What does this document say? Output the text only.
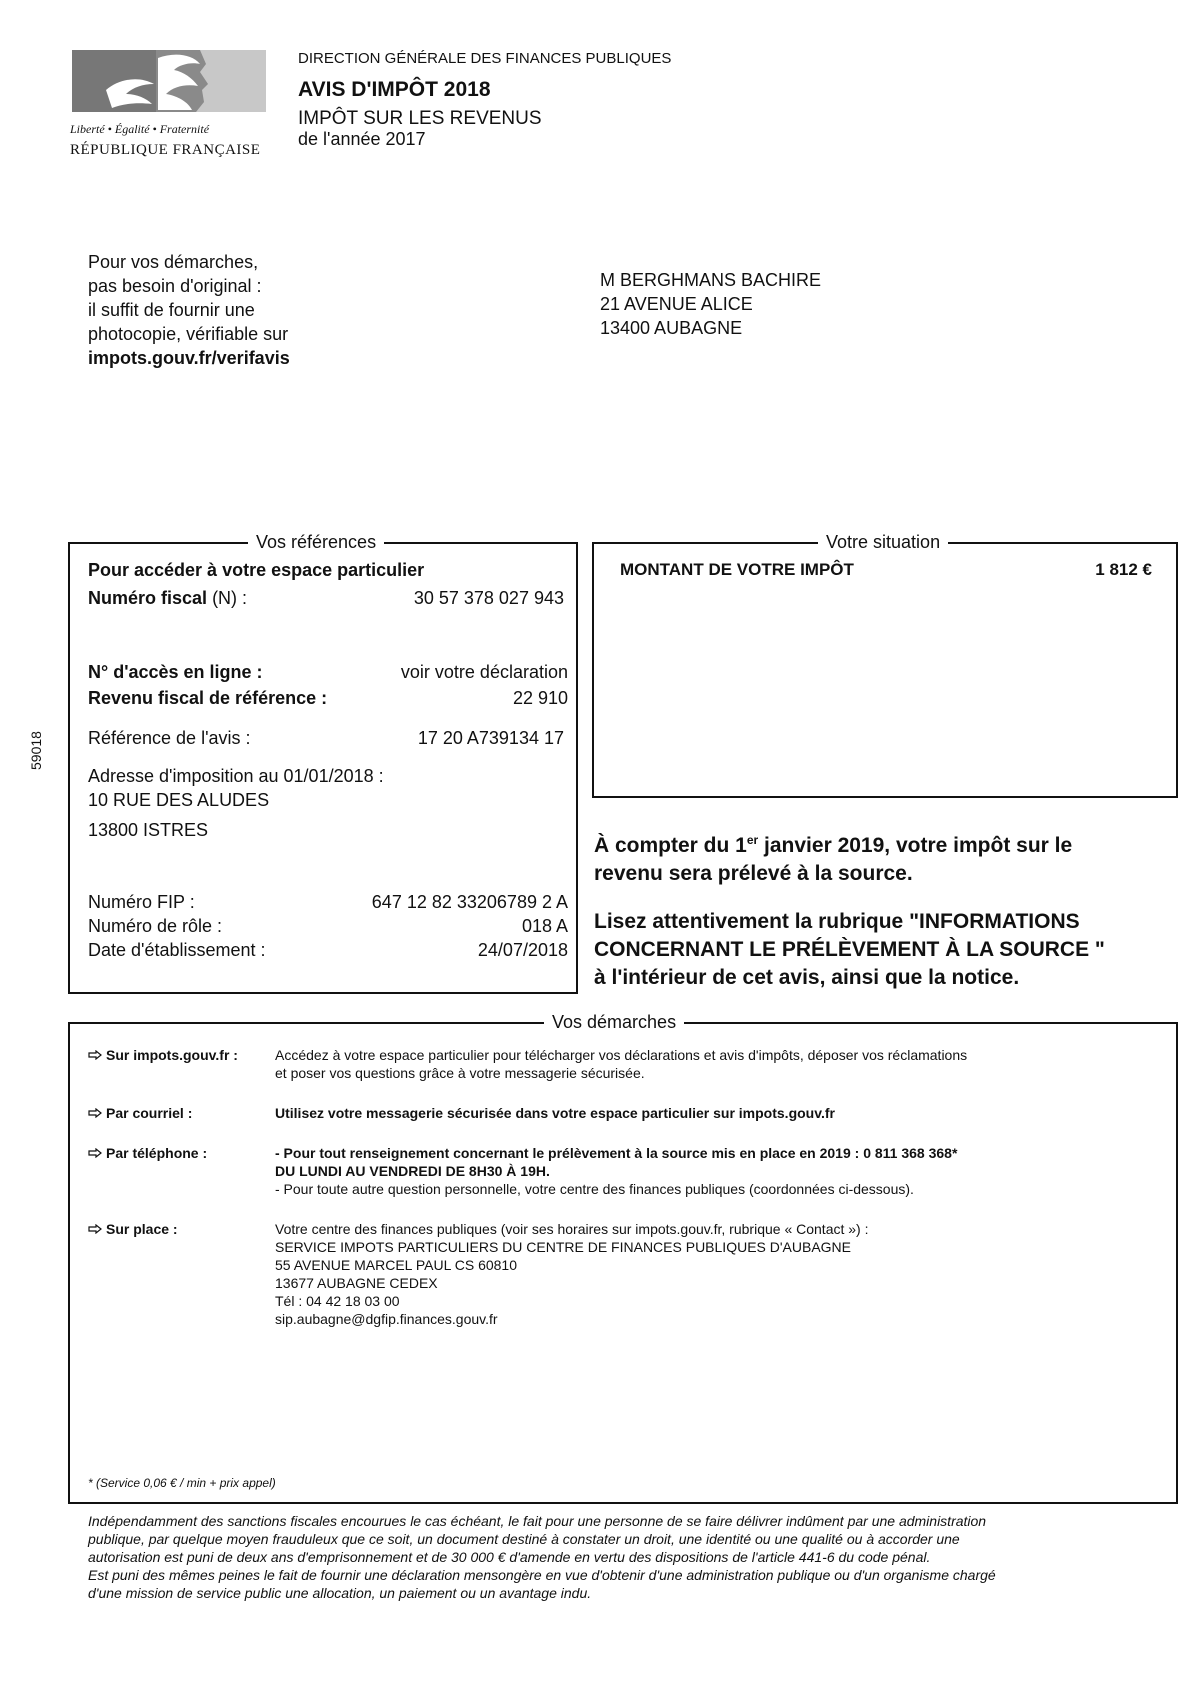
Liberté • Égalité • Fraternité
RÉPUBLIQUE FRANÇAISE
DIRECTION GÉNÉRALE DES FINANCES PUBLIQUES
AVIS D'IMPÔT 2018
IMPÔT SUR LES REVENUS
de l'année 2017
Pour vos démarches,
pas besoin d'original :
il suffit de fournir une
photocopie, vérifiable sur
impots.gouv.fr/verifavis
M BERGHMANS BACHIRE
21 AVENUE ALICE
13400 AUBAGNE
59018
Vos références
Pour accéder à votre espace particulier
Numéro fiscal (N) :	30 57 378 027 943
N° d'accès en ligne :	voir votre déclaration
Revenu fiscal de référence :	22 910
Référence de l'avis :	17 20 A739134 17
Adresse d'imposition au 01/01/2018 :
10 RUE DES ALUDES
13800 ISTRES
Numéro FIP :	647 12 82 33206789 2 A
Numéro de rôle :	018 A
Date d'établissement :	24/07/2018
Votre situation
MONTANT DE VOTRE IMPÔT	1 812 €
À compter du 1er janvier 2019, votre impôt sur le
revenu sera prélevé à la source.
Lisez attentivement la rubrique "INFORMATIONS
CONCERNANT LE PRÉLÈVEMENT À LA SOURCE "
à l'intérieur de cet avis, ainsi que la notice.
Vos démarches
Sur impots.gouv.fr :	Accédez à votre espace particulier pour télécharger vos déclarations et avis d'impôts, déposer vos réclamations
et poser vos questions grâce à votre messagerie sécurisée.
Par courriel :	Utilisez votre messagerie sécurisée dans votre espace particulier sur impots.gouv.fr
Par téléphone :	- Pour tout renseignement concernant le prélèvement à la source mis en place en 2019 : 0 811 368 368*
DU LUNDI AU VENDREDI DE 8H30 À 19H.
- Pour toute autre question personnelle, votre centre des finances publiques (coordonnées ci-dessous).
Sur place :	Votre centre des finances publiques (voir ses horaires sur impots.gouv.fr, rubrique « Contact ») :
SERVICE IMPOTS PARTICULIERS DU CENTRE DE FINANCES PUBLIQUES D'AUBAGNE
55 AVENUE MARCEL PAUL CS 60810
13677 AUBAGNE CEDEX
Tél : 04 42 18 03 00
sip.aubagne@dgfip.finances.gouv.fr
* (Service 0,06 € / min + prix appel)
Indépendamment des sanctions fiscales encourues le cas échéant, le fait pour une personne de se faire délivrer indûment par une administration
publique, par quelque moyen frauduleux que ce soit, un document destiné à constater un droit, une identité ou une qualité ou à accorder une
autorisation est puni de deux ans d'emprisonnement et de 30 000 € d'amende en vertu des dispositions de l'article 441-6 du code pénal.
Est puni des mêmes peines le fait de fournir une déclaration mensongère en vue d'obtenir d'une administration publique ou d'un organisme chargé
d'une mission de service public une allocation, un paiement ou un avantage indu.
